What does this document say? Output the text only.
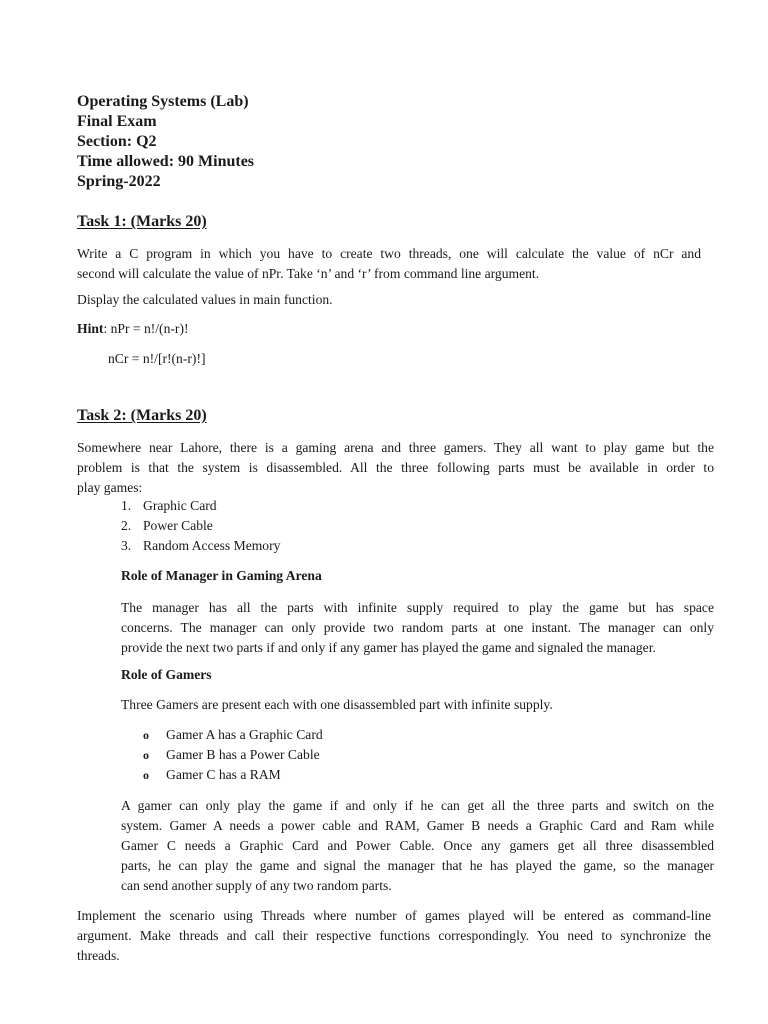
Operating Systems (Lab)
Final Exam
Section: Q2
Time allowed: 90 Minutes
Spring-2022
Task 1: (Marks 20)
Write a C program in which you have to create two threads, one will calculate the value of nCr and
second will calculate the value of nPr. Take ‘n’ and ‘r’ from command line argument.
Display the calculated values in main function.
Hint: nPr = n!/(n-r)!
nCr = n!/[r!(n-r)!]
Task 2: (Marks 20)
Somewhere near Lahore, there is a gaming arena and three gamers. They all want to play game but the
problem is that the system is disassembled. All the three following parts must be available in order to
play games:
1. Graphic Card
2. Power Cable
3. Random Access Memory
Role of Manager in Gaming Arena
The manager has all the parts with infinite supply required to play the game but has space
concerns. The manager can only provide two random parts at one instant. The manager can only
provide the next two parts if and only if any gamer has played the game and signaled the manager.
Role of Gamers
Three Gamers are present each with one disassembled part with infinite supply.
o Gamer A has a Graphic Card
o Gamer B has a Power Cable
o Gamer C has a RAM
A gamer can only play the game if and only if he can get all the three parts and switch on the
system. Gamer A needs a power cable and RAM, Gamer B needs a Graphic Card and Ram while
Gamer C needs a Graphic Card and Power Cable. Once any gamers get all three disassembled
parts, he can play the game and signal the manager that he has played the game, so the manager
can send another supply of any two random parts.
Implement the scenario using Threads where number of games played will be entered as command-line
argument. Make threads and call their respective functions correspondingly. You need to synchronize the
threads.
